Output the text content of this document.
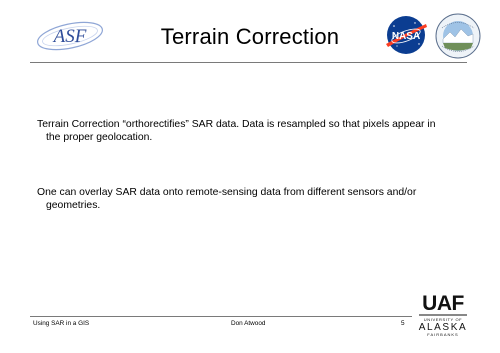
ASF	Terrain Correction	NASA
Terrain Correction “orthorectifies” SAR data. Data is resampled so that pixels appear in the proper geolocation.
One can overlay SAR data onto remote-sensing data from different sensors and/or geometries.
Using SAR in a GIS	Don Atwood	5
UAF
UNIVERSITY OF
ALASKA
FAIRBANKS
